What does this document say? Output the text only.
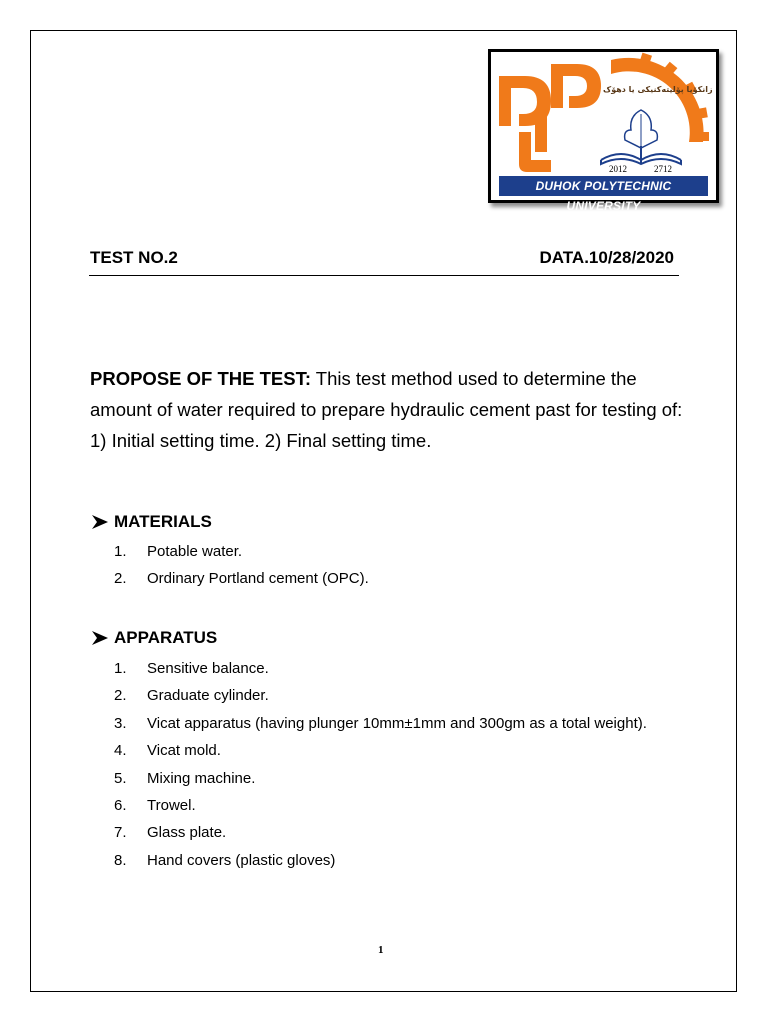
2012	2712
زانکۆیا پۆلیتەکنیکی یا دهۆک
DUHOK POLYTECHNIC UNIVERSITY
TEST NO.2	DATA.10/28/2020
PROPOSE OF THE TEST: This test method used to determine the amount of water required to prepare hydraulic cement past for testing of: 1) Initial setting time. 2) Final setting time.
MATERIALS
1. Potable water.
2. Ordinary Portland cement (OPC).
APPARATUS
1. Sensitive balance.
2. Graduate cylinder.
3. Vicat apparatus (having plunger 10mm±1mm and 300gm as a total weight).
4. Vicat mold.
5. Mixing machine.
6. Trowel.
7. Glass plate.
8. Hand covers (plastic gloves)
1
